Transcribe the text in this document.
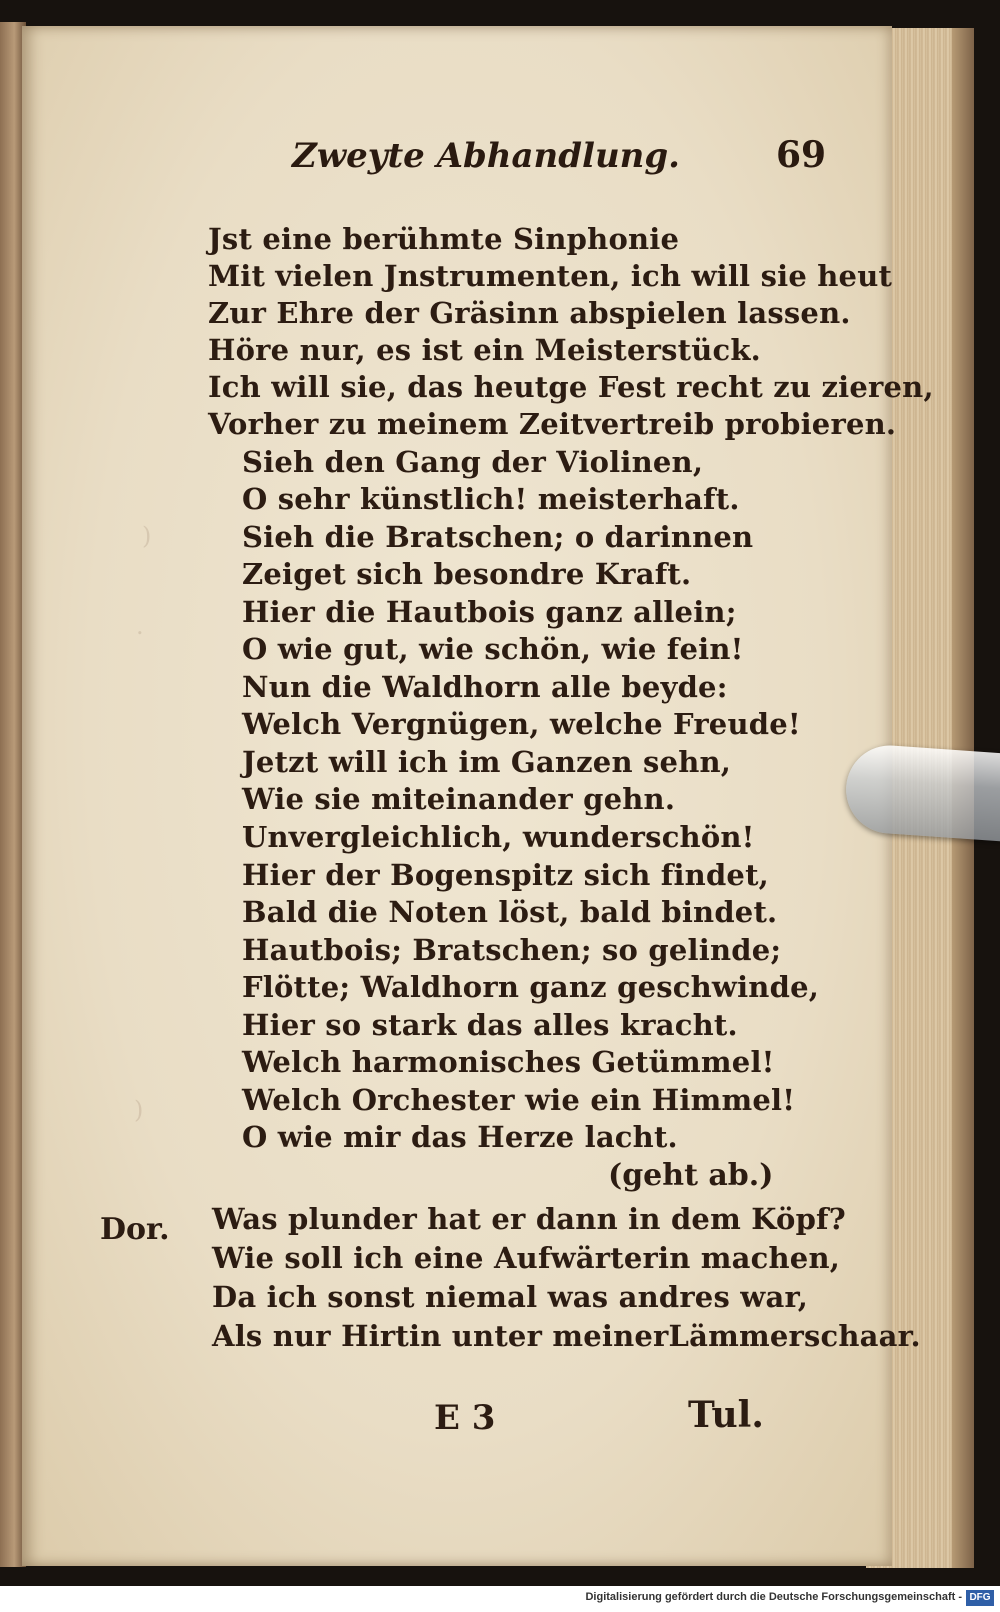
)
.
)
Zweyte Abhandlung.	69
Jst eine berühmte Sinphonie
Mit vielen Jnstrumenten, ich will sie heut
Zur Ehre der Gräsinn abspielen lassen.
Höre nur, es ist ein Meisterstück.
Ich will sie, das heutge Fest recht zu zieren,
Vorher zu meinem Zeitvertreib probieren.
Sieh den Gang der Violinen,
O sehr künstlich! meisterhaft.
Sieh die Bratschen; o darinnen
Zeiget sich besondre Kraft.
Hier die Hautbois ganz allein;
O wie gut, wie schön, wie fein!
Nun die Waldhorn alle beyde:
Welch Vergnügen, welche Freude!
Jetzt will ich im Ganzen sehn,
Wie sie miteinander gehn.
Unvergleichlich, wunderschön!
Hier der Bogenspitz sich findet,
Bald die Noten löst, bald bindet.
Hautbois; Bratschen; so gelinde;
Flötte; Waldhorn ganz geschwinde,
Hier so stark das alles kracht.
Welch harmonisches Getümmel!
Welch Orchester wie ein Himmel!
O wie mir das Herze lacht.
Was plunder hat er dann in dem Köpf?
Wie soll ich eine Aufwärterin machen,
Da ich sonst niemal was andres war,
Als nur Hirtin unter meinerLämmerschaar.
(geht ab.)
Dor.
E 3	Tul.
Digitalisierung gefördert durch die Deutsche Forschungsgemeinschaft - DFG
